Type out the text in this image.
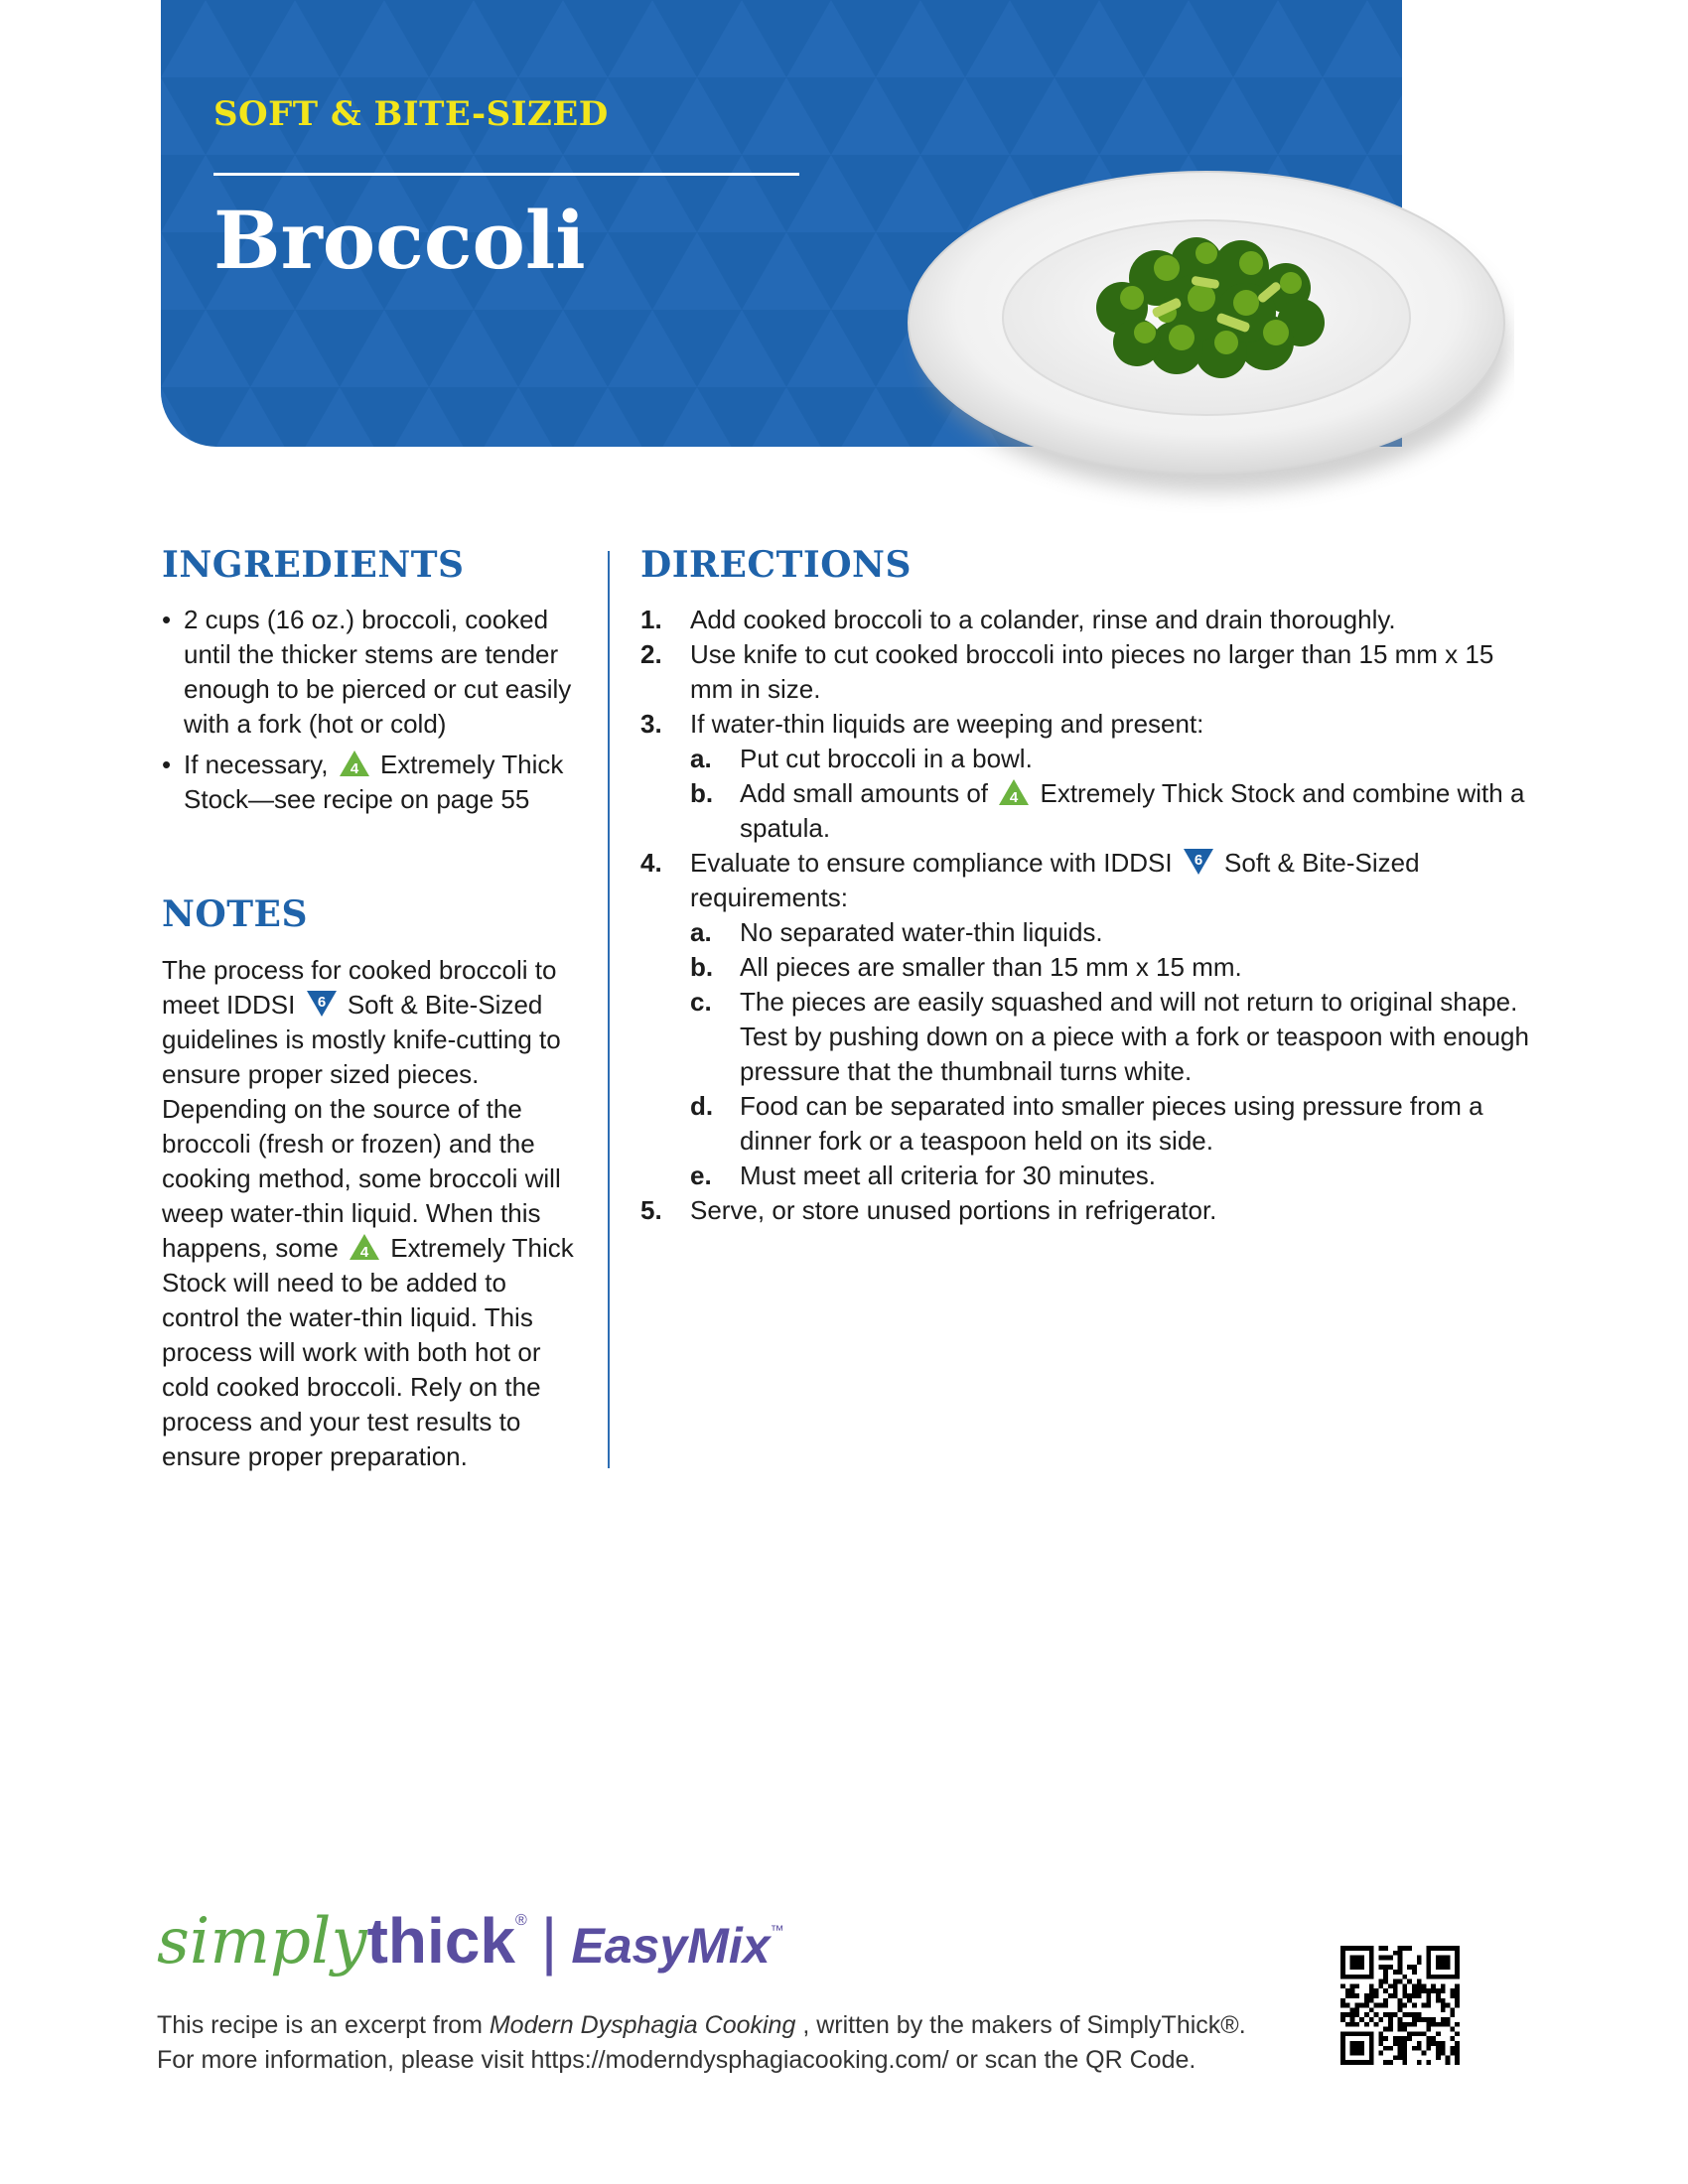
SOFT & BITE-SIZED
Broccoli
INGREDIENTS
• 2 cups (16 oz.) broccoli, cooked until the thicker stems are tender enough to be pierced or cut easily with a fork (hot or cold)
• If necessary, 4 Extremely Thick Stock—see recipe on page 55
NOTES

The process for cooked broccoli to meet IDDSI 6 Soft & Bite-Sized guidelines is mostly knife-cutting to ensure proper sized pieces. Depending on the source of the broccoli (fresh or frozen) and the cooking method, some broccoli will weep water-thin liquid. When this happens, some 4 Extremely Thick Stock will need to be added to control the water-thin liquid. This process will work with both hot or cold cooked broccoli. Rely on the process and your test results to ensure proper preparation.

DIRECTIONS
1. Add cooked broccoli to a colander, rinse and drain thoroughly.
2. Use knife to cut cooked broccoli into pieces no larger than 15 mm x 15 mm in size.
3. If water-thin liquids are weeping and present:
a. Put cut broccoli in a bowl.
b. Add small amounts of 4 Extremely Thick Stock and combine with a spatula.
4. Evaluate to ensure compliance with IDDSI 6 Soft & Bite-Sized requirements:
a. No separated water-thin liquids.
b. All pieces are smaller than 15 mm x 15 mm.
c. The pieces are easily squashed and will not return to original shape. Test by pushing down on a piece with a fork or teaspoon with enough pressure that the thumbnail turns white.
d. Food can be separated into smaller pieces using pressure from a dinner fork or a teaspoon held on its side.
e. Must meet all criteria for 30 minutes.
5. Serve, or store unused portions in refrigerator.
simplythick® | EasyMix™
This recipe is an excerpt from Modern Dysphagia Cooking , written by the makers of SimplyThick®.
For more information, please visit https://moderndysphagiacooking.com/ or scan the QR Code.
